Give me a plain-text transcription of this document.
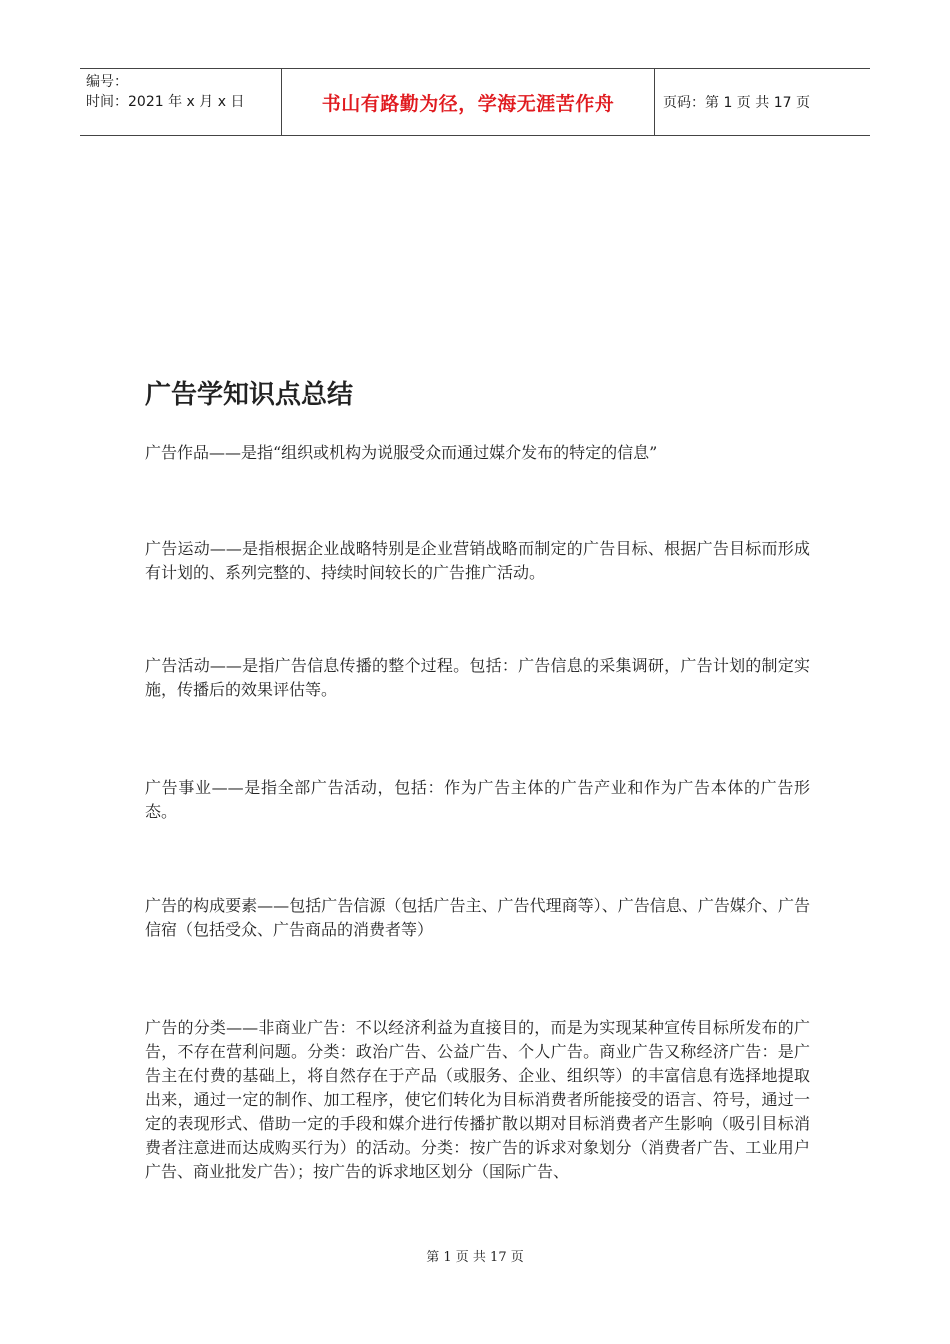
编号：
时间：2021 年 x 月 x 日	书山有路勤为径，学海无涯苦作舟	页码：第 1 页 共 17 页
广告学知识点总结

广告作品——是指“组织或机构为说服受众而通过媒介发布的特定的信息”

广告运动——是指根据企业战略特别是企业营销战略而制定的广告目标、根据广告目标而形成有计划的、系列完整的、持续时间较长的广告推广活动。

广告活动——是指广告信息传播的整个过程。包括：广告信息的采集调研，广告计划的制定实施，传播后的效果评估等。

广告事业——是指全部广告活动，包括：作为广告主体的广告产业和作为广告本体的广告形态。

广告的构成要素——包括广告信源（包括广告主、广告代理商等）、广告信息、广告媒介、广告信宿（包括受众、广告商品的消费者等）

广告的分类——非商业广告：不以经济利益为直接目的，而是为实现某种宣传目标所发布的广告，不存在营利问题。分类：政治广告、公益广告、个人广告。商业广告又称经济广告：是广告主在付费的基础上，将自然存在于产品（或服务、企业、组织等）的丰富信息有选择地提取出来，通过一定的制作、加工程序，使它们转化为目标消费者所能接受的语言、符号，通过一定的表现形式、借助一定的手段和媒介进行传播扩散以期对目标消费者产生影响（吸引目标消费者注意进而达成购买行为）的活动。分类：按广告的诉求对象划分（消费者广告、工业用户广告、商业批发广告）；按广告的诉求地区划分（国际广告、

第 1 页 共 17 页
